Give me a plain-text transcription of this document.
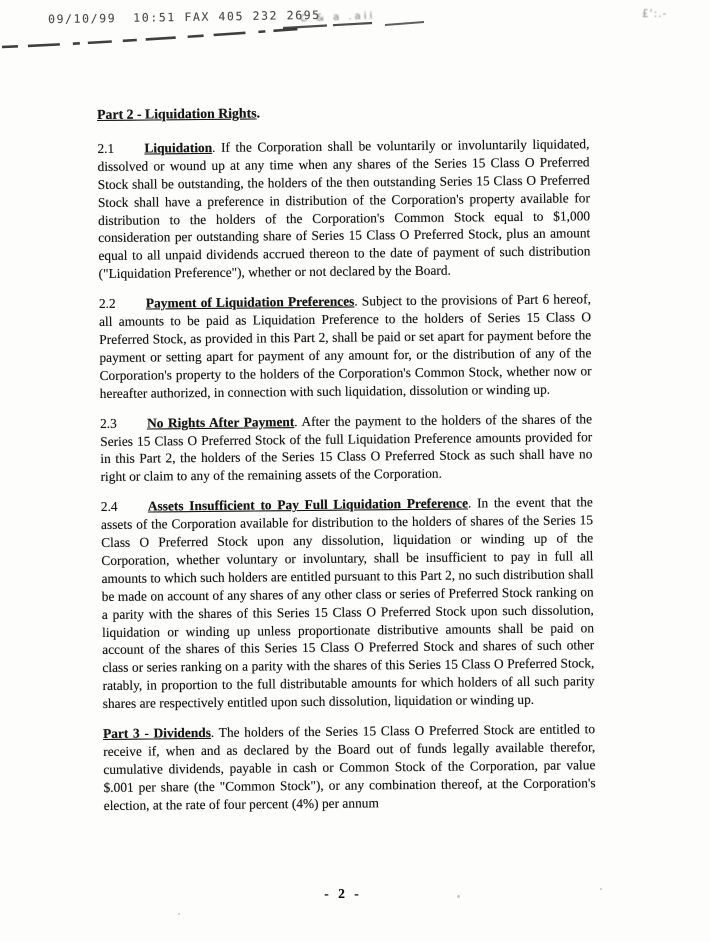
09/10/99  10:51 FAX 405 232 2695
C & a .aii	£':.-

Part 2 - Liquidation Rights.

2.1 Liquidation. If the Corporation shall be voluntarily or involuntarily liquidated, dissolved or wound up at any time when any shares of the Series 15 Class O Preferred Stock shall be outstanding, the holders of the then outstanding Series 15 Class O Preferred Stock shall have a preference in distribution of the Corporation's property available for distribution to the holders of the Corporation's Common Stock equal to $1,000 consideration per outstanding share of Series 15 Class O Preferred Stock, plus an amount equal to all unpaid dividends accrued thereon to the date of payment of such distribution ("Liquidation Preference"), whether or not declared by the Board.

2.2 Payment of Liquidation Preferences. Subject to the provisions of Part 6 hereof, all amounts to be paid as Liquidation Preference to the holders of Series 15 Class O Preferred Stock, as provided in this Part 2, shall be paid or set apart for payment before the payment or setting apart for payment of any amount for, or the distribution of any of the Corporation's property to the holders of the Corporation's Common Stock, whether now or hereafter authorized, in connection with such liquidation, dissolution or winding up.

2.3 No Rights After Payment. After the payment to the holders of the shares of the Series 15 Class O Preferred Stock of the full Liquidation Preference amounts provided for in this Part 2, the holders of the Series 15 Class O Preferred Stock as such shall have no right or claim to any of the remaining assets of the Corporation.

2.4 Assets Insufficient to Pay Full Liquidation Preference. In the event that the assets of the Corporation available for distribution to the holders of shares of the Series 15 Class O Preferred Stock upon any dissolution, liquidation or winding up of the Corporation, whether voluntary or involuntary, shall be insufficient to pay in full all amounts to which such holders are entitled pursuant to this Part 2, no such distribution shall be made on account of any shares of any other class or series of Preferred Stock ranking on a parity with the shares of this Series 15 Class O Preferred Stock upon such dissolution, liquidation or winding up unless proportionate distributive amounts shall be paid on account of the shares of this Series 15 Class O Preferred Stock and shares of such other class or series ranking on a parity with the shares of this Series 15 Class O Preferred Stock, ratably, in proportion to the full distributable amounts for which holders of all such parity shares are respectively entitled upon such dissolution, liquidation or winding up.

Part 3 - Dividends. The holders of the Series 15 Class O Preferred Stock are entitled to receive if, when and as declared by the Board out of funds legally available therefor, cumulative dividends, payable in cash or Common Stock of the Corporation, par value $.001 per share (the "Common Stock"), or any combination thereof, at the Corporation's election, at the rate of four percent (4%) per annum

- 2 -
